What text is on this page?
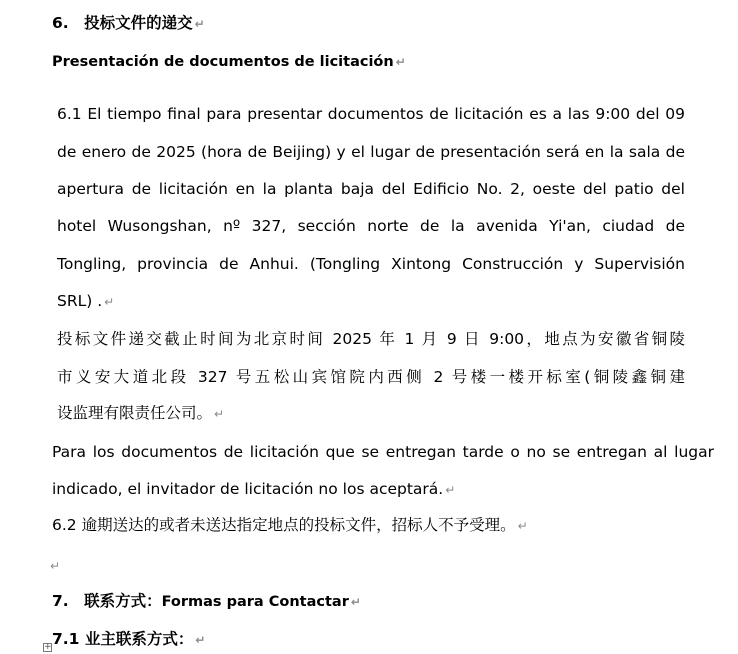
6. 投标文件的递交 ↵
Presentación de documentos de licitación ↵
6.1 El tiempo final para presentar documentos de licitación es a las 9:00 del 09
de enero de 2025 (hora de Beijing) y el lugar de presentación será en la sala de
apertura de licitación en la planta baja del Edificio No. 2, oeste del patio del
hotel Wusongshan, nº 327, sección norte de la avenida Yi'an, ciudad de
Tongling, provincia de Anhui. (Tongling Xintong Construcción y Supervisión
SRL) . ↵
投标文件递交截止时间为北京时间 2025 年 1 月 9 日 9:00，地点为安徽省铜陵
市义安大道北段 327 号五松山宾馆院内西侧 2 号楼一楼开标室(铜陵鑫铜建
设监理有限责任公司。 ↵
Para los documentos de licitación que se entregan tarde o no se entregan al lugar
indicado, el invitador de licitación no los aceptará. ↵
6.2 逾期送达的或者未送达指定地点的投标文件，招标人不予受理。 ↵
↵
7. 联系方式：Formas para Contactar ↵
7.1 业主联系方式： ↵
+
